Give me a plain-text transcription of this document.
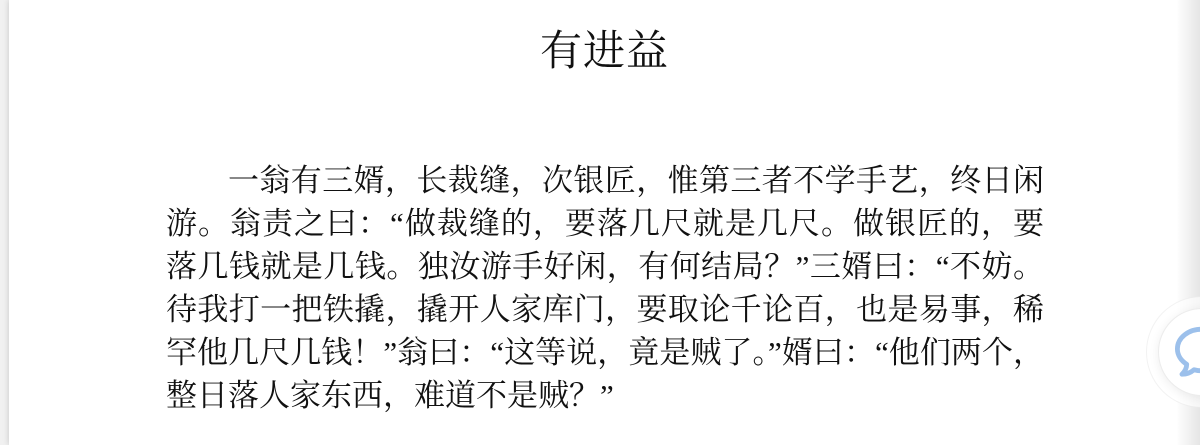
有进益

一翁有三婿，长裁缝，次银匠，惟第三者不学手艺，终日闲游。翁责之曰：“做裁缝的，要落几尺就是几尺。做银匠的，要落几钱就是几钱。独汝游手好闲，有何结局？”三婿曰：“不妨。待我打一把铁撬，撬开人家库门，要取论千论百，也是易事，稀罕他几尺几钱！”翁曰：“这等说，竟是贼了。”婿曰：“他们两个，整日落人家东西，难道不是贼？”
